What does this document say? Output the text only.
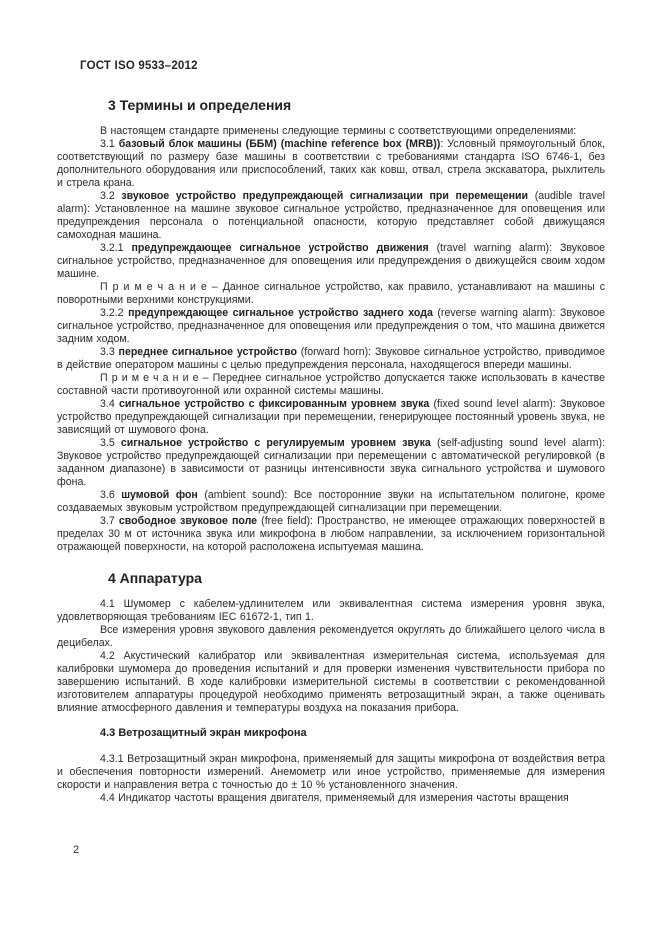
ГОСТ ISO 9533–2012
3 Термины и определения

В настоящем стандарте применены следующие термины с соответствующими определениями:

3.1 базовый блок машины (ББМ) (machine reference box (MRB)): Условный прямоугольный блок, соответствующий по размеру базе машины в соответствии с требованиями стандарта ISO 6746-1, без дополнительного оборудования или приспособлений, таких как ковш, отвал, стрела экскаватора, рыхлитель и стрела крана.

3.2 звуковое устройство предупреждающей сигнализации при перемещении (audible travel alarm): Установленное на машине звуковое сигнальное устройство, предназначенное для оповещения или предупреждения персонала о потенциальной опасности, которую представляет собой движущаяся самоходная машина.

3.2.1 предупреждающее сигнальное устройство движения (travel warning alarm): Звуковое сигнальное устройство, предназначенное для оповещения или предупреждения о движущейся своим ходом машине.

П р и м е ч а н и е – Данное сигнальное устройство, как правило, устанавливают на машины с поворотными верхними конструкциями.

3.2.2 предупреждающее сигнальное устройство заднего хода (reverse warning alarm): Звуковое сигнальное устройство, предназначенное для оповещения или предупреждения о том, что машина движется задним ходом.

3.3 переднее сигнальное устройство (forward horn): Звуковое сигнальное устройство, приводимое в действие оператором машины с целью предупреждения персонала, находящегося впереди машины.

П р и м е ч а н и е – Переднее сигнальное устройство допускается также использовать в качестве составной части противоугонной или охранной системы машины.

3.4 сигнальное устройство с фиксированным уровнем звука (fixed sound level alarm): Звуковое устройство предупреждающей сигнализации при перемещении, генерирующее постоянный уровень звука, не зависящий от шумового фона.

3.5 сигнальное устройство с регулируемым уровнем звука (self-adjusting sound level alarm): Звуковое устройство предупреждающей сигнализации при перемещении с автоматической регулировкой (в заданном диапазоне) в зависимости от разницы интенсивности звука сигнального устройства и шумового фона.

3.6 шумовой фон (ambient sound): Все посторонние звуки на испытательном полигоне, кроме создаваемых звуковым устройством предупреждающей сигнализации при перемещении.

3.7 свободное звуковое поле (free field): Пространство, не имеющее отражающих поверхностей в пределах 30 м от источника звука или микрофона в любом направлении, за исключением горизонтальной отражающей поверхности, на которой расположена испытуемая машина.

4 Аппаратура

4.1 Шумомер с кабелем-удлинителем или эквивалентная система измерения уровня звука, удовлетворяющая требованиям IEC 61672-1, тип 1.

Все измерения уровня звукового давления рекомендуется округлять до ближайшего целого числа в децибелах.

4.2 Акустический калибратор или эквивалентная измерительная система, используемая для калибровки шумомера до проведения испытаний и для проверки изменения чувствительности прибора по завершению испытаний. В ходе калибровки измерительной системы в соответствии с рекомендованной изготовителем аппаратуры процедурой необходимо применять ветрозащитный экран, а также оценивать влияние атмосферного давления и температуры воздуха на показания прибора.

4.3 Ветрозащитный экран микрофона

4.3.1 Ветрозащитный экран микрофона, применяемый для защиты микрофона от воздействия ветра и обеспечения повторности измерений. Анемометр или иное устройство, применяемые для измерения скорости и направления ветра с точностью до ± 10 % установленного значения.

4.4 Индикатор частоты вращения двигателя, применяемый для измерения частоты вращения

2
